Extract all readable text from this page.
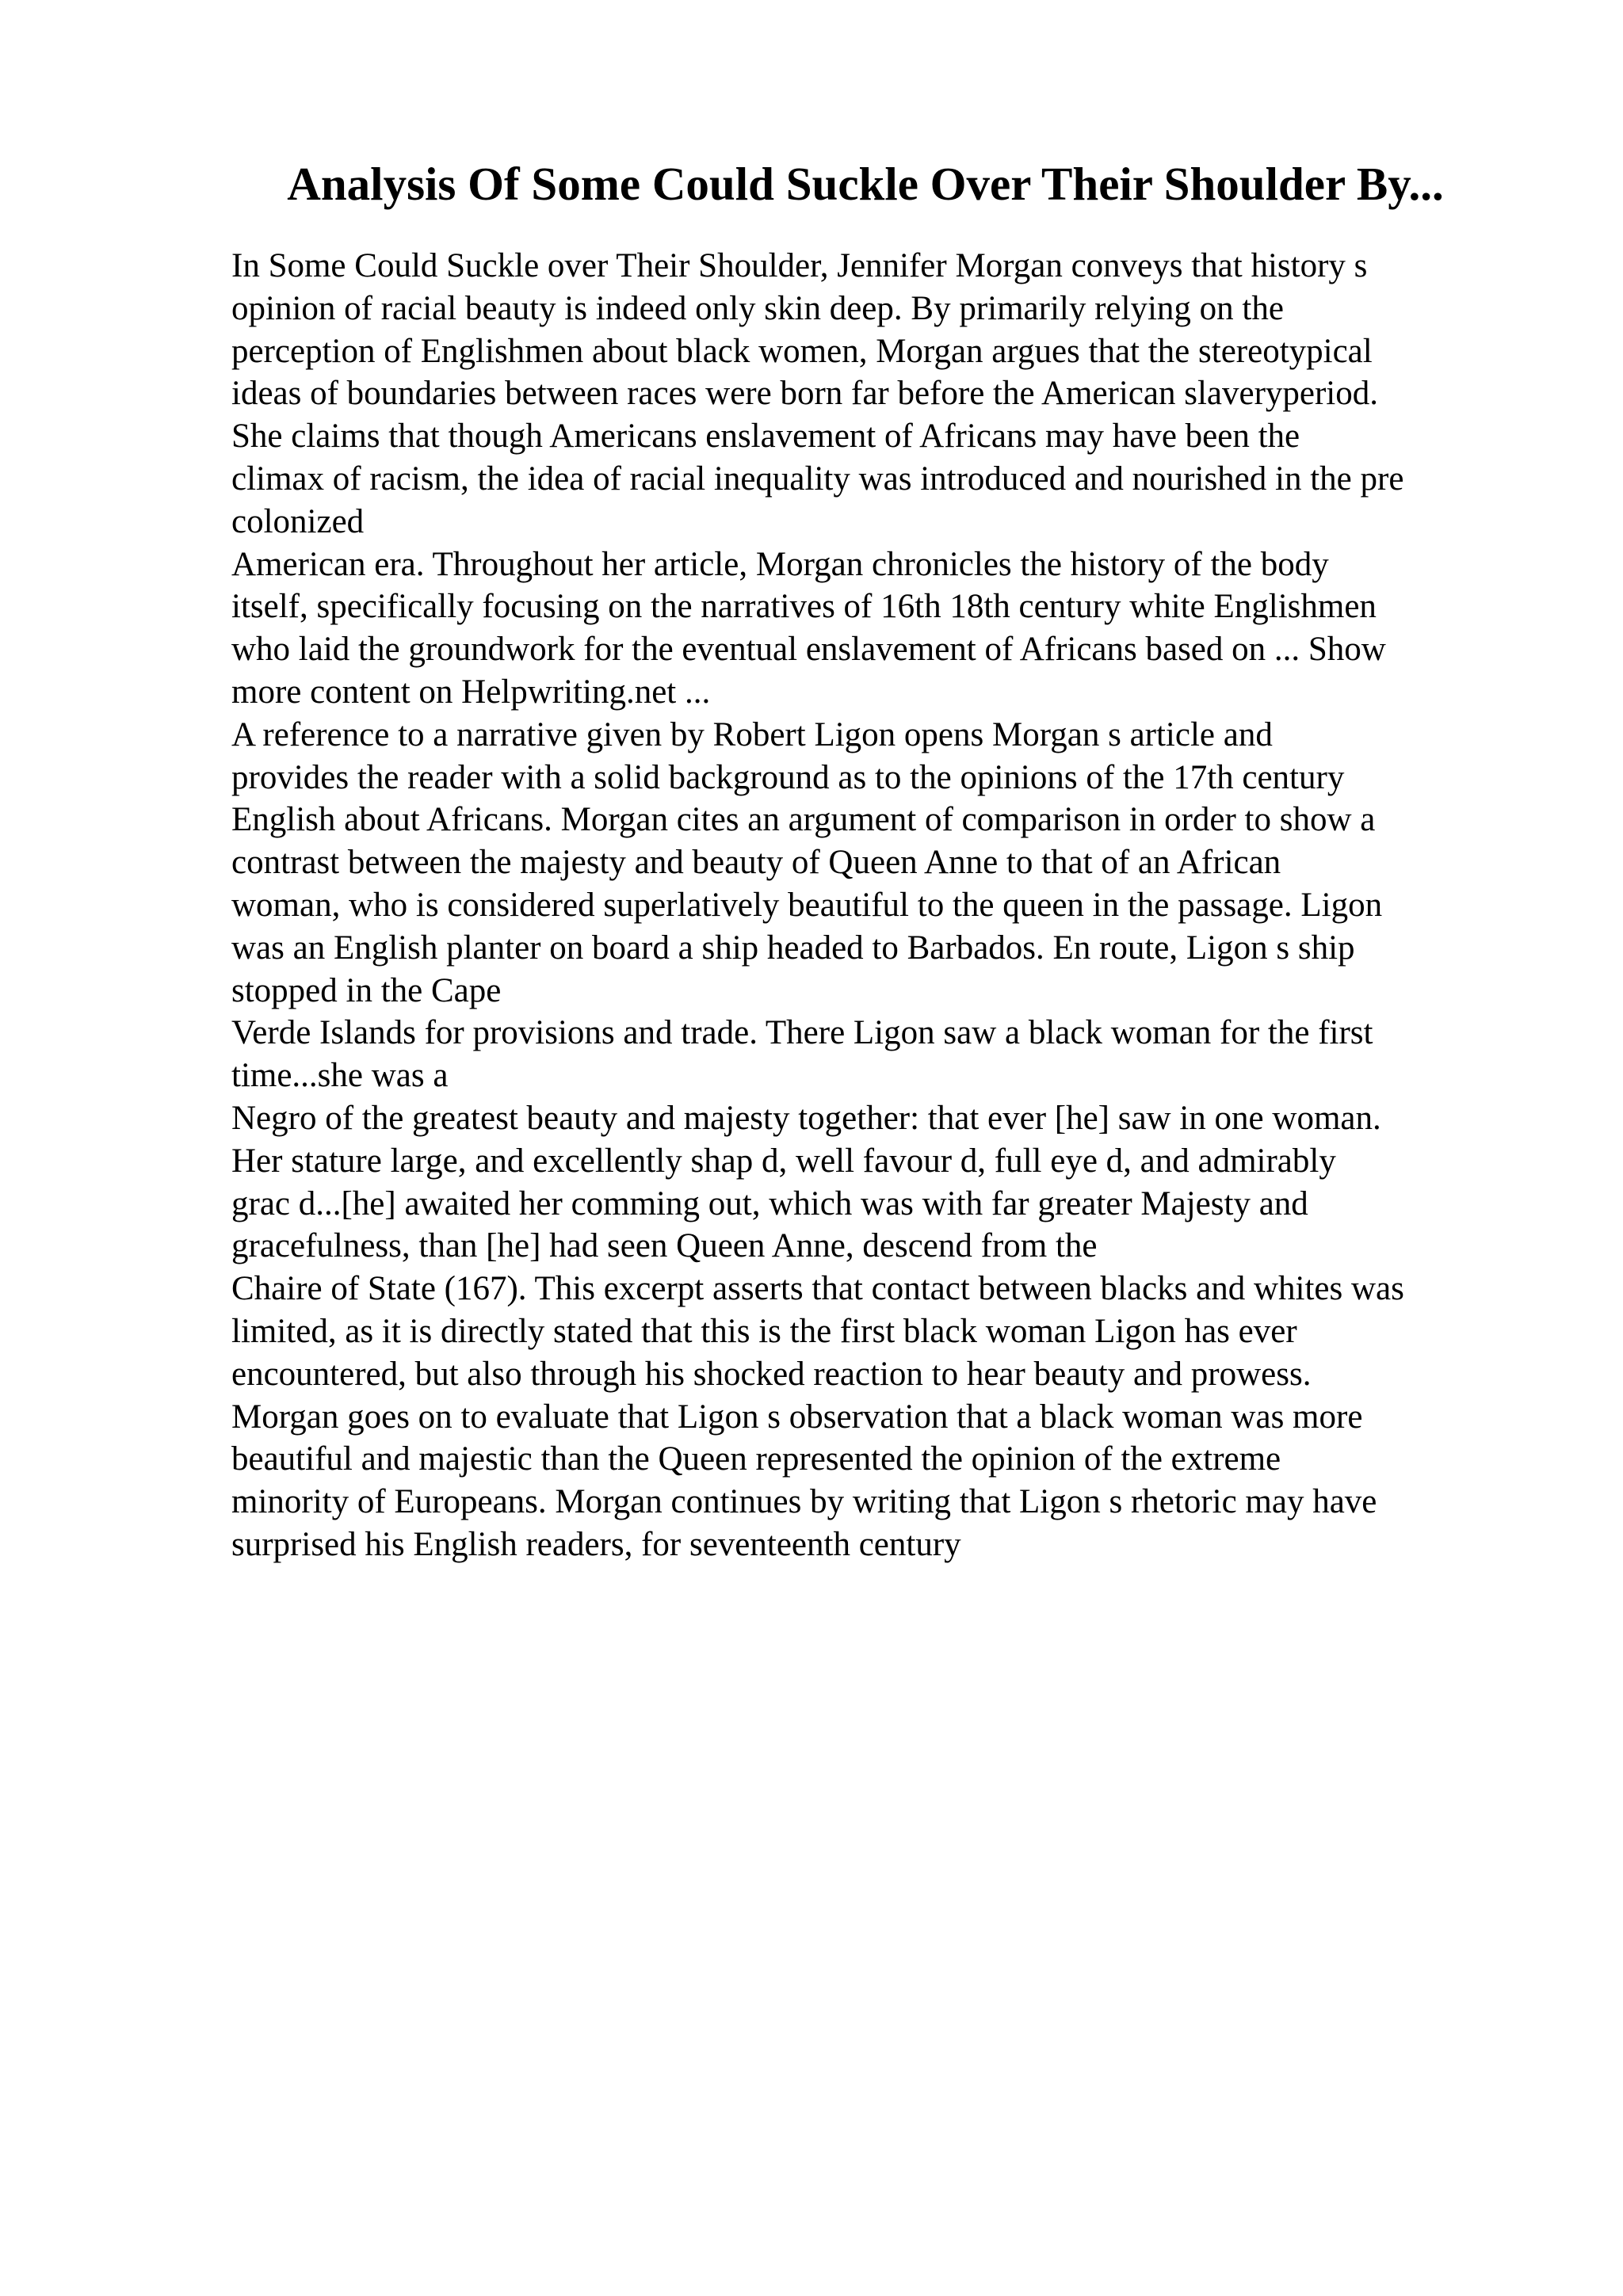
Analysis Of Some Could Suckle Over Their Shoulder By...
In Some Could Suckle over Their Shoulder, Jennifer Morgan conveys that history s
opinion of racial beauty is indeed only skin deep. By primarily relying on the
perception of Englishmen about black women, Morgan argues that the stereotypical
ideas of boundaries between races were born far before the American slaveryperiod.
She claims that though Americans enslavement of Africans may have been the
climax of racism, the idea of racial inequality was introduced and nourished in the pre
colonized
American era. Throughout her article, Morgan chronicles the history of the body
itself, specifically focusing on the narratives of 16th 18th century white Englishmen
who laid the groundwork for the eventual enslavement of Africans based on ... Show
more content on Helpwriting.net ...
A reference to a narrative given by Robert Ligon opens Morgan s article and
provides the reader with a solid background as to the opinions of the 17th century
English about Africans. Morgan cites an argument of comparison in order to show a
contrast between the majesty and beauty of Queen Anne to that of an African
woman, who is considered superlatively beautiful to the queen in the passage. Ligon
was an English planter on board a ship headed to Barbados. En route, Ligon s ship
stopped in the Cape
Verde Islands for provisions and trade. There Ligon saw a black woman for the first
time...she was a
Negro of the greatest beauty and majesty together: that ever [he] saw in one woman.
Her stature large, and excellently shap d, well favour d, full eye d, and admirably
grac d...[he] awaited her comming out, which was with far greater Majesty and
gracefulness, than [he] had seen Queen Anne, descend from the
Chaire of State (167). This excerpt asserts that contact between blacks and whites was
limited, as it is directly stated that this is the first black woman Ligon has ever
encountered, but also through his shocked reaction to hear beauty and prowess.
Morgan goes on to evaluate that Ligon s observation that a black woman was more
beautiful and majestic than the Queen represented the opinion of the extreme
minority of Europeans. Morgan continues by writing that Ligon s rhetoric may have
surprised his English readers, for seventeenth century
